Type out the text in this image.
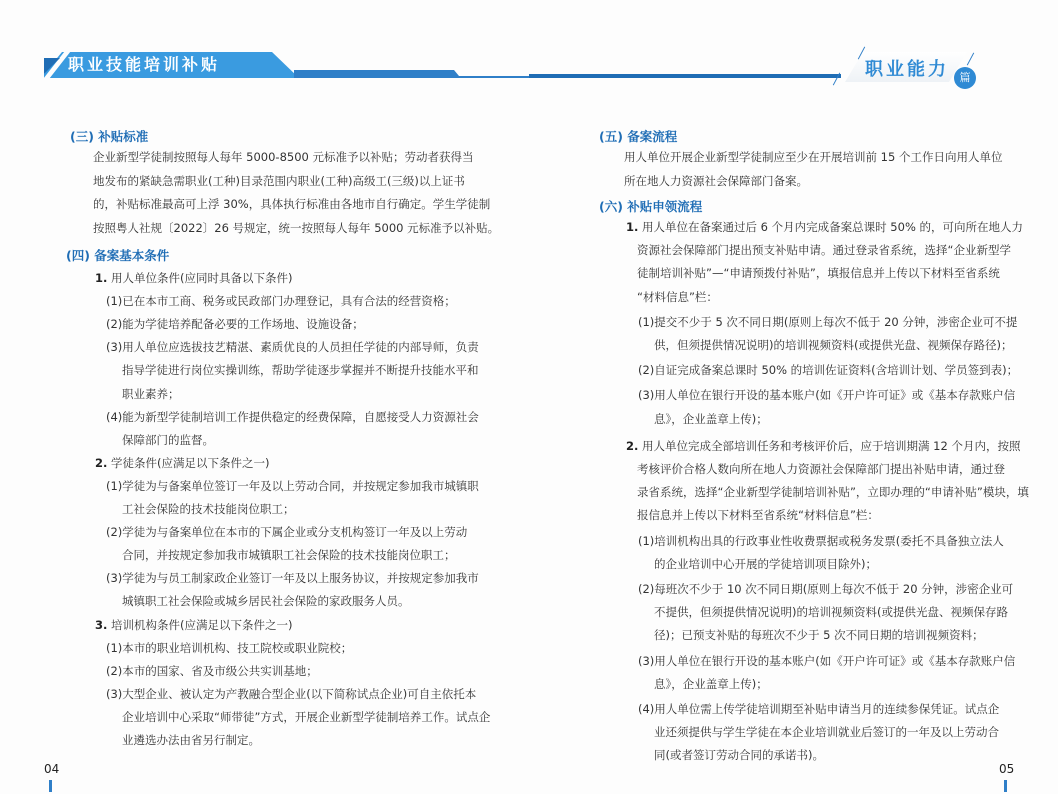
职业技能培训补贴
(三) 补贴标准
企业新型学徒制按照每人每年 5000-8500 元标准予以补贴；劳动者获得当
地发布的紧缺急需职业(工种)目录范围内职业(工种)高级工(三级)以上证书
的，补贴标准最高可上浮 30%，具体执行标准由各地市自行确定。学生学徒制
按照粤人社规〔2022〕26 号规定，统一按照每人每年 5000 元标准予以补贴。
(四) 备案基本条件
1. 用人单位条件(应同时具备以下条件)
(1)已在本市工商、税务或民政部门办理登记，具有合法的经营资格；
(2)能为学徒培养配备必要的工作场地、设施设备；
(3)用人单位应选拔技艺精湛、素质优良的人员担任学徒的内部导师，负责
指导学徒进行岗位实操训练，帮助学徒逐步掌握并不断提升技能水平和
职业素养；
(4)能为新型学徒制培训工作提供稳定的经费保障，自愿接受人力资源社会
保障部门的监督。
2. 学徒条件(应满足以下条件之一)
(1)学徒为与备案单位签订一年及以上劳动合同，并按规定参加我市城镇职
工社会保险的技术技能岗位职工；
(2)学徒为与备案单位在本市的下属企业或分支机构签订一年及以上劳动
合同，并按规定参加我市城镇职工社会保险的技术技能岗位职工；
(3)学徒为与员工制家政企业签订一年及以上服务协议，并按规定参加我市
城镇职工社会保险或城乡居民社会保险的家政服务人员。
3. 培训机构条件(应满足以下条件之一)
(1)本市的职业培训机构、技工院校或职业院校；
(2)本市的国家、省及市级公共实训基地；
(3)大型企业、被认定为产教融合型企业(以下简称试点企业)可自主依托本
企业培训中心采取“师带徒”方式，开展企业新型学徒制培养工作。试点企
业遴选办法由省另行制定。
04
职业能力 篇
(五) 备案流程
用人单位开展企业新型学徒制应至少在开展培训前 15 个工作日向用人单位
所在地人力资源社会保障部门备案。
(六) 补贴申领流程
1. 用人单位在备案通过后 6 个月内完成备案总课时 50% 的，可向所在地人力
资源社会保障部门提出预支补贴申请。通过登录省系统，选择“企业新型学
徒制培训补贴”—“申请预拨付补贴”，填报信息并上传以下材料至省系统
“材料信息”栏：
(1)提交不少于 5 次不同日期(原则上每次不低于 20 分钟，涉密企业可不提
供，但须提供情况说明)的培训视频资料(或提供光盘、视频保存路径)；
(2)自证完成备案总课时 50% 的培训佐证资料(含培训计划、学员签到表)；
(3)用人单位在银行开设的基本账户(如《开户许可证》或《基本存款账户信
息》，企业盖章上传)；
2. 用人单位完成全部培训任务和考核评价后，应于培训期满 12 个月内，按照
考核评价合格人数向所在地人力资源社会保障部门提出补贴申请，通过登
录省系统，选择“企业新型学徒制培训补贴”，立即办理的“申请补贴”模块，填
报信息并上传以下材料至省系统“材料信息”栏：
(1)培训机构出具的行政事业性收费票据或税务发票(委托不具备独立法人
的企业培训中心开展的学徒培训项目除外)；
(2)每班次不少于 10 次不同日期(原则上每次不低于 20 分钟，涉密企业可
不提供，但须提供情况说明)的培训视频资料(或提供光盘、视频保存路
径)；已预支补贴的每班次不少于 5 次不同日期的培训视频资料；
(3)用人单位在银行开设的基本账户(如《开户许可证》或《基本存款账户信
息》，企业盖章上传)；
(4)用人单位需上传学徒培训期至补贴申请当月的连续参保凭证。试点企
业还须提供与学生学徒在本企业培训就业后签订的一年及以上劳动合
同(或者签订劳动合同的承诺书)。
05
